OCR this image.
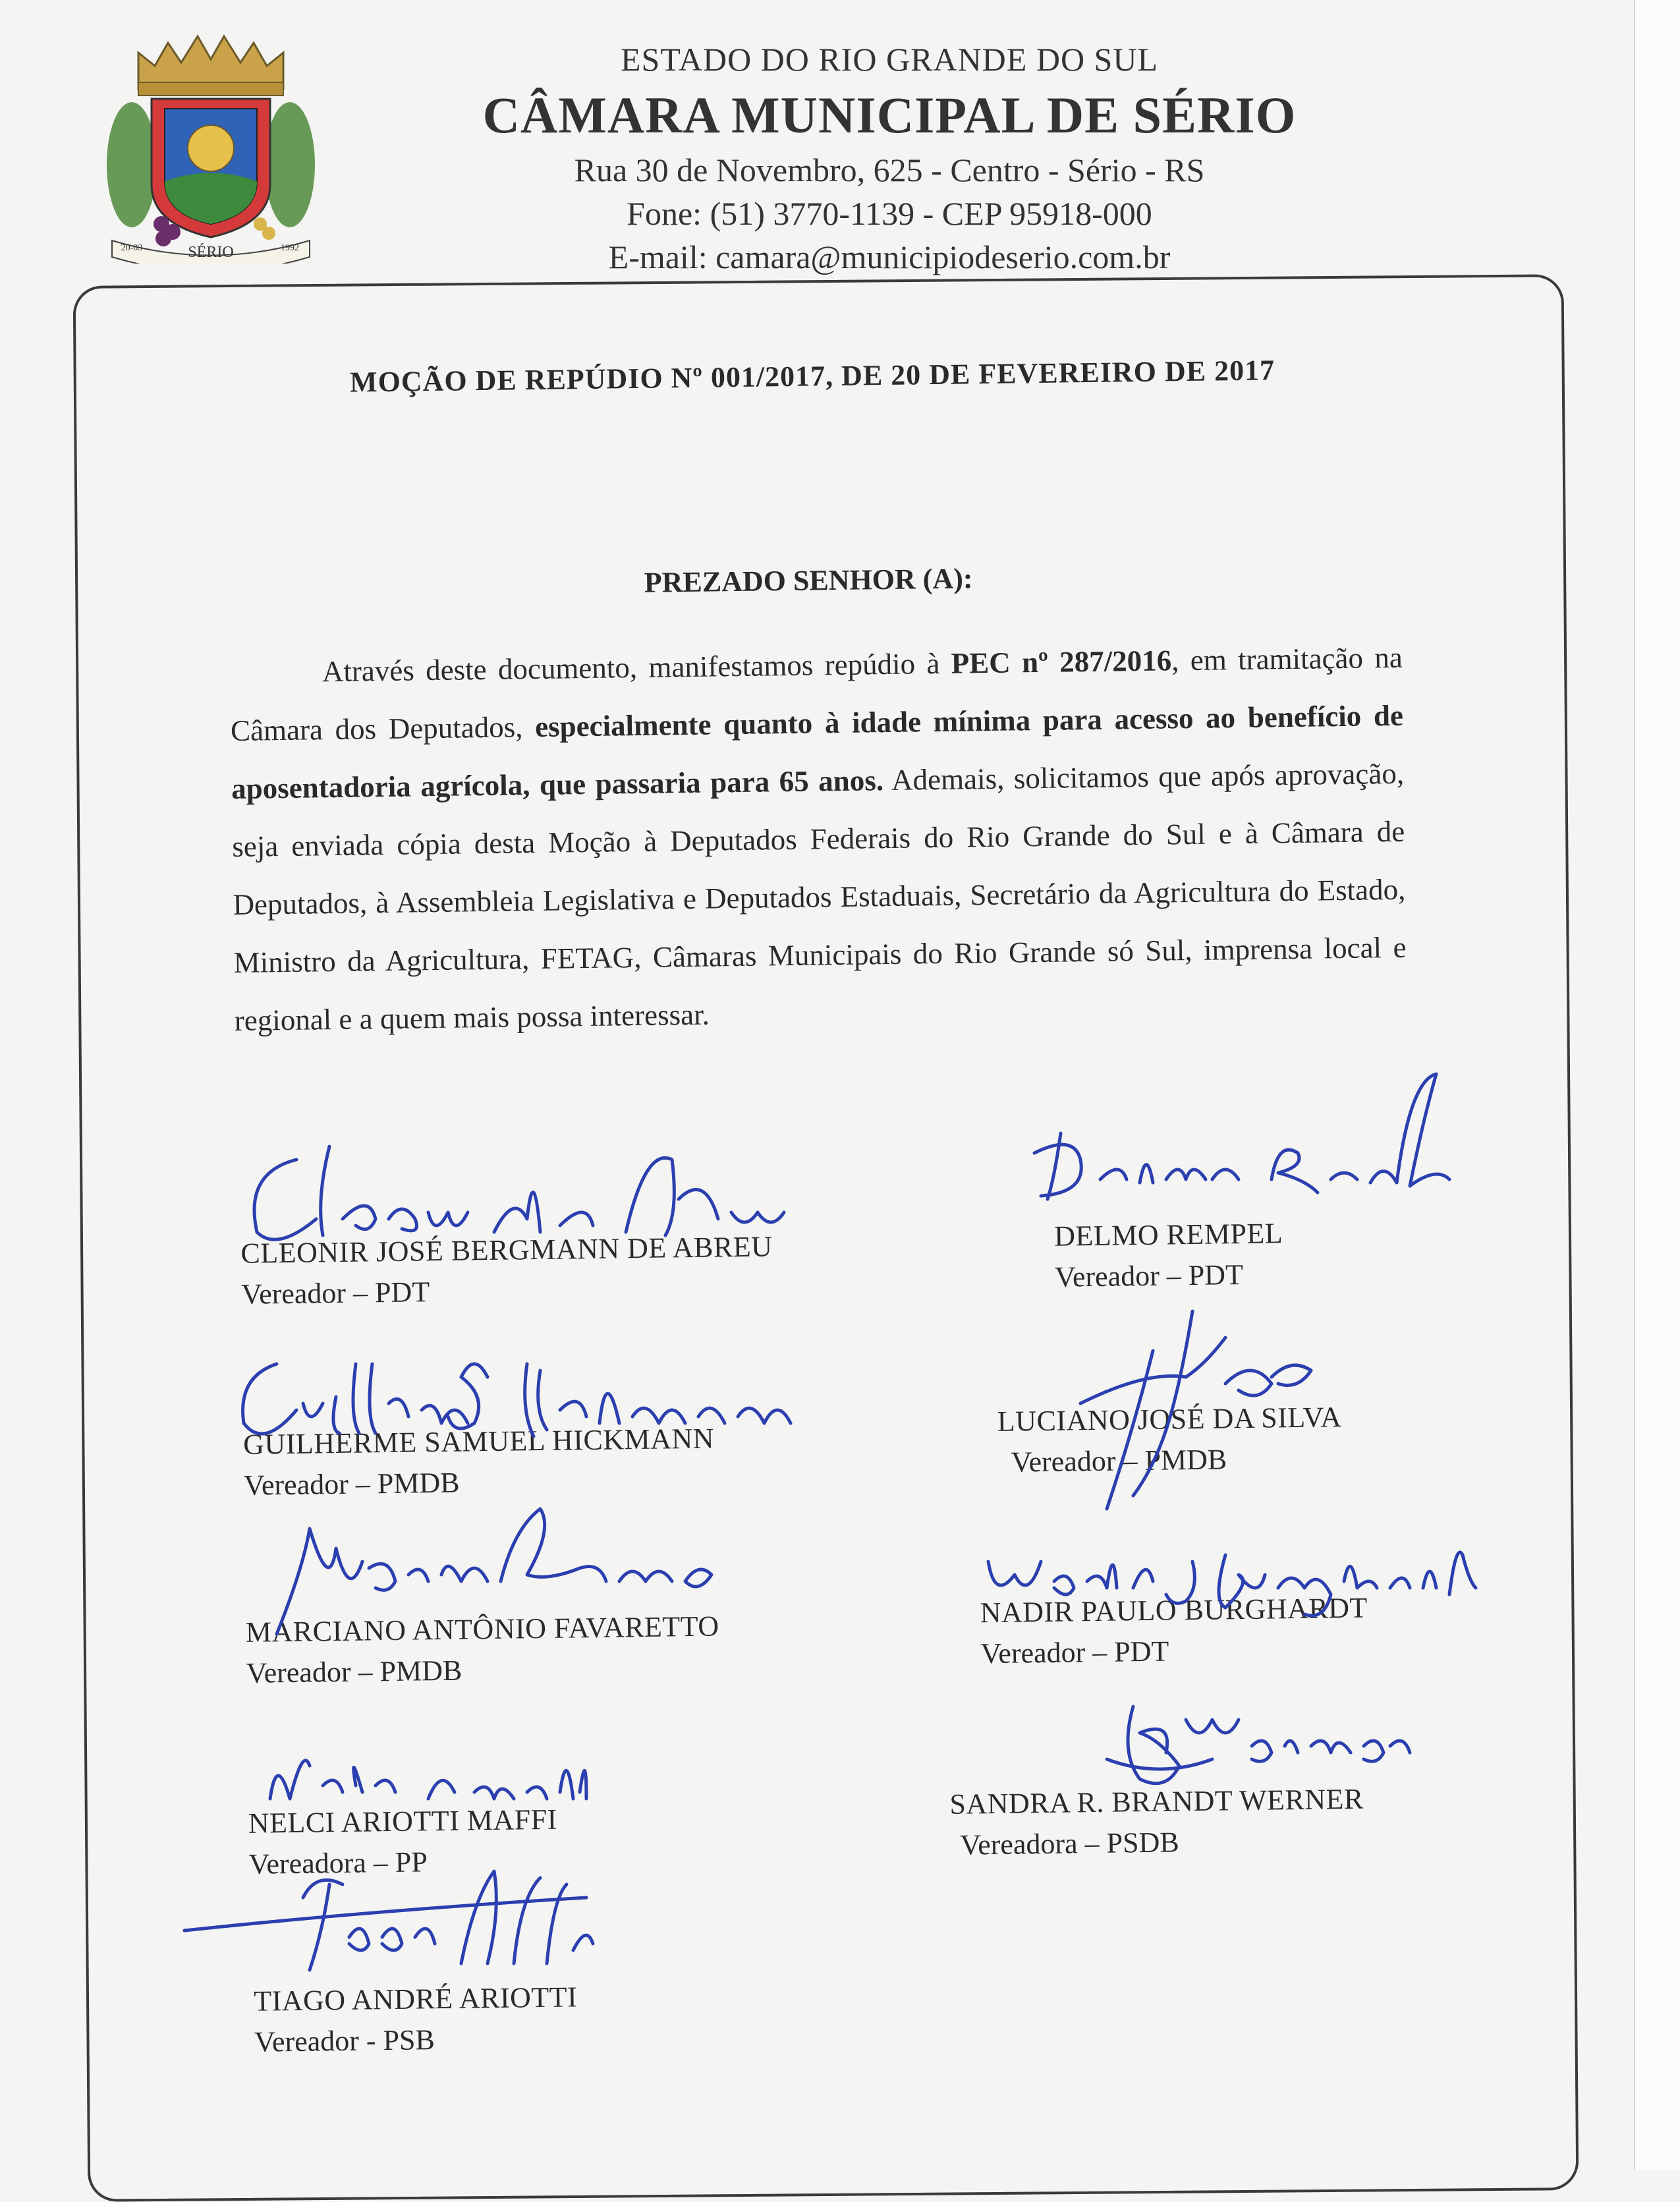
SÉRIO
20-03	1992
ESTADO DO RIO GRANDE DO SUL
CÂMARA MUNICIPAL DE SÉRIO
Rua 30 de Novembro, 625 - Centro - Sério - RS
Fone: (51) 3770-1139 - CEP 95918-000
E-mail: camara@municipiodeserio.com.br
MOÇÃO DE REPÚDIO Nº 001/2017, DE 20 DE FEVEREIRO DE 2017
PREZADO SENHOR (A):
Através deste documento, manifestamos repúdio à PEC nº 287/2016, em tramitação na Câmara dos Deputados, especialmente quanto à idade mínima para acesso ao benefício de aposentadoria agrícola, que passaria para 65 anos. Ademais, solicitamos que após aprovação, seja enviada cópia desta Moção à Deputados Federais do Rio Grande do Sul e à Câmara de Deputados, à Assembleia Legislativa e Deputados Estaduais, Secretário da Agricultura do Estado, Ministro da Agricultura, FETAG, Câmaras Municipais do Rio Grande só Sul, imprensa local e regional e a quem mais possa interessar.
CLEONIR JOSÉ BERGMANN DE ABREU
Vereador – PDT
DELMO REMPEL
Vereador – PDT
GUILHERME SAMUEL HICKMANN
Vereador – PMDB
LUCIANO JOSÉ DA SILVA
Vereador – PMDB
MARCIANO ANTÔNIO FAVARETTO
Vereador – PMDB
NADIR PAULO BURGHARDT
Vereador – PDT
NELCI ARIOTTI MAFFI
Vereadora – PP
SANDRA R. BRANDT WERNER
Vereadora – PSDB
TIAGO ANDRÉ ARIOTTI
Vereador - PSB
